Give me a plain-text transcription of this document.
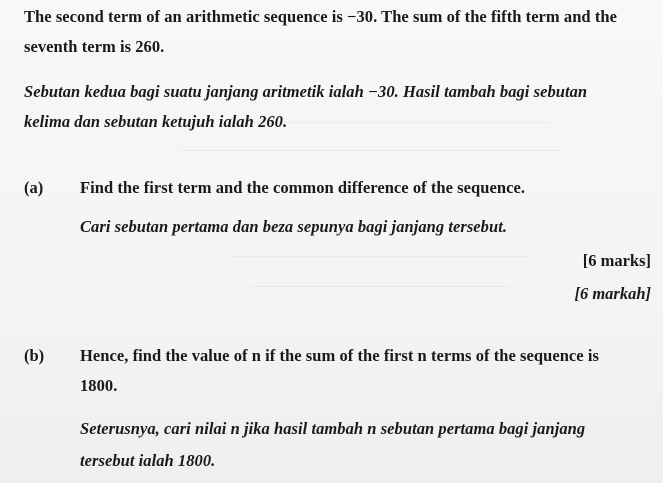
The second term of an arithmetic sequence is −30. The sum of the fifth term and the
seventh term is 260.
Sebutan kedua bagi suatu janjang aritmetik ialah −30. Hasil tambah bagi sebutan
kelima dan sebutan ketujuh ialah 260.
(a) Find the first term and the common difference of the sequence.
Cari sebutan pertama dan beza sepunya bagi janjang tersebut.
[6 marks]
[6 markah]
(b) Hence, find the value of n if the sum of the first n terms of the sequence is
1800.
Seterusnya, cari nilai n jika hasil tambah n sebutan pertama bagi janjang
tersebut ialah 1800.
